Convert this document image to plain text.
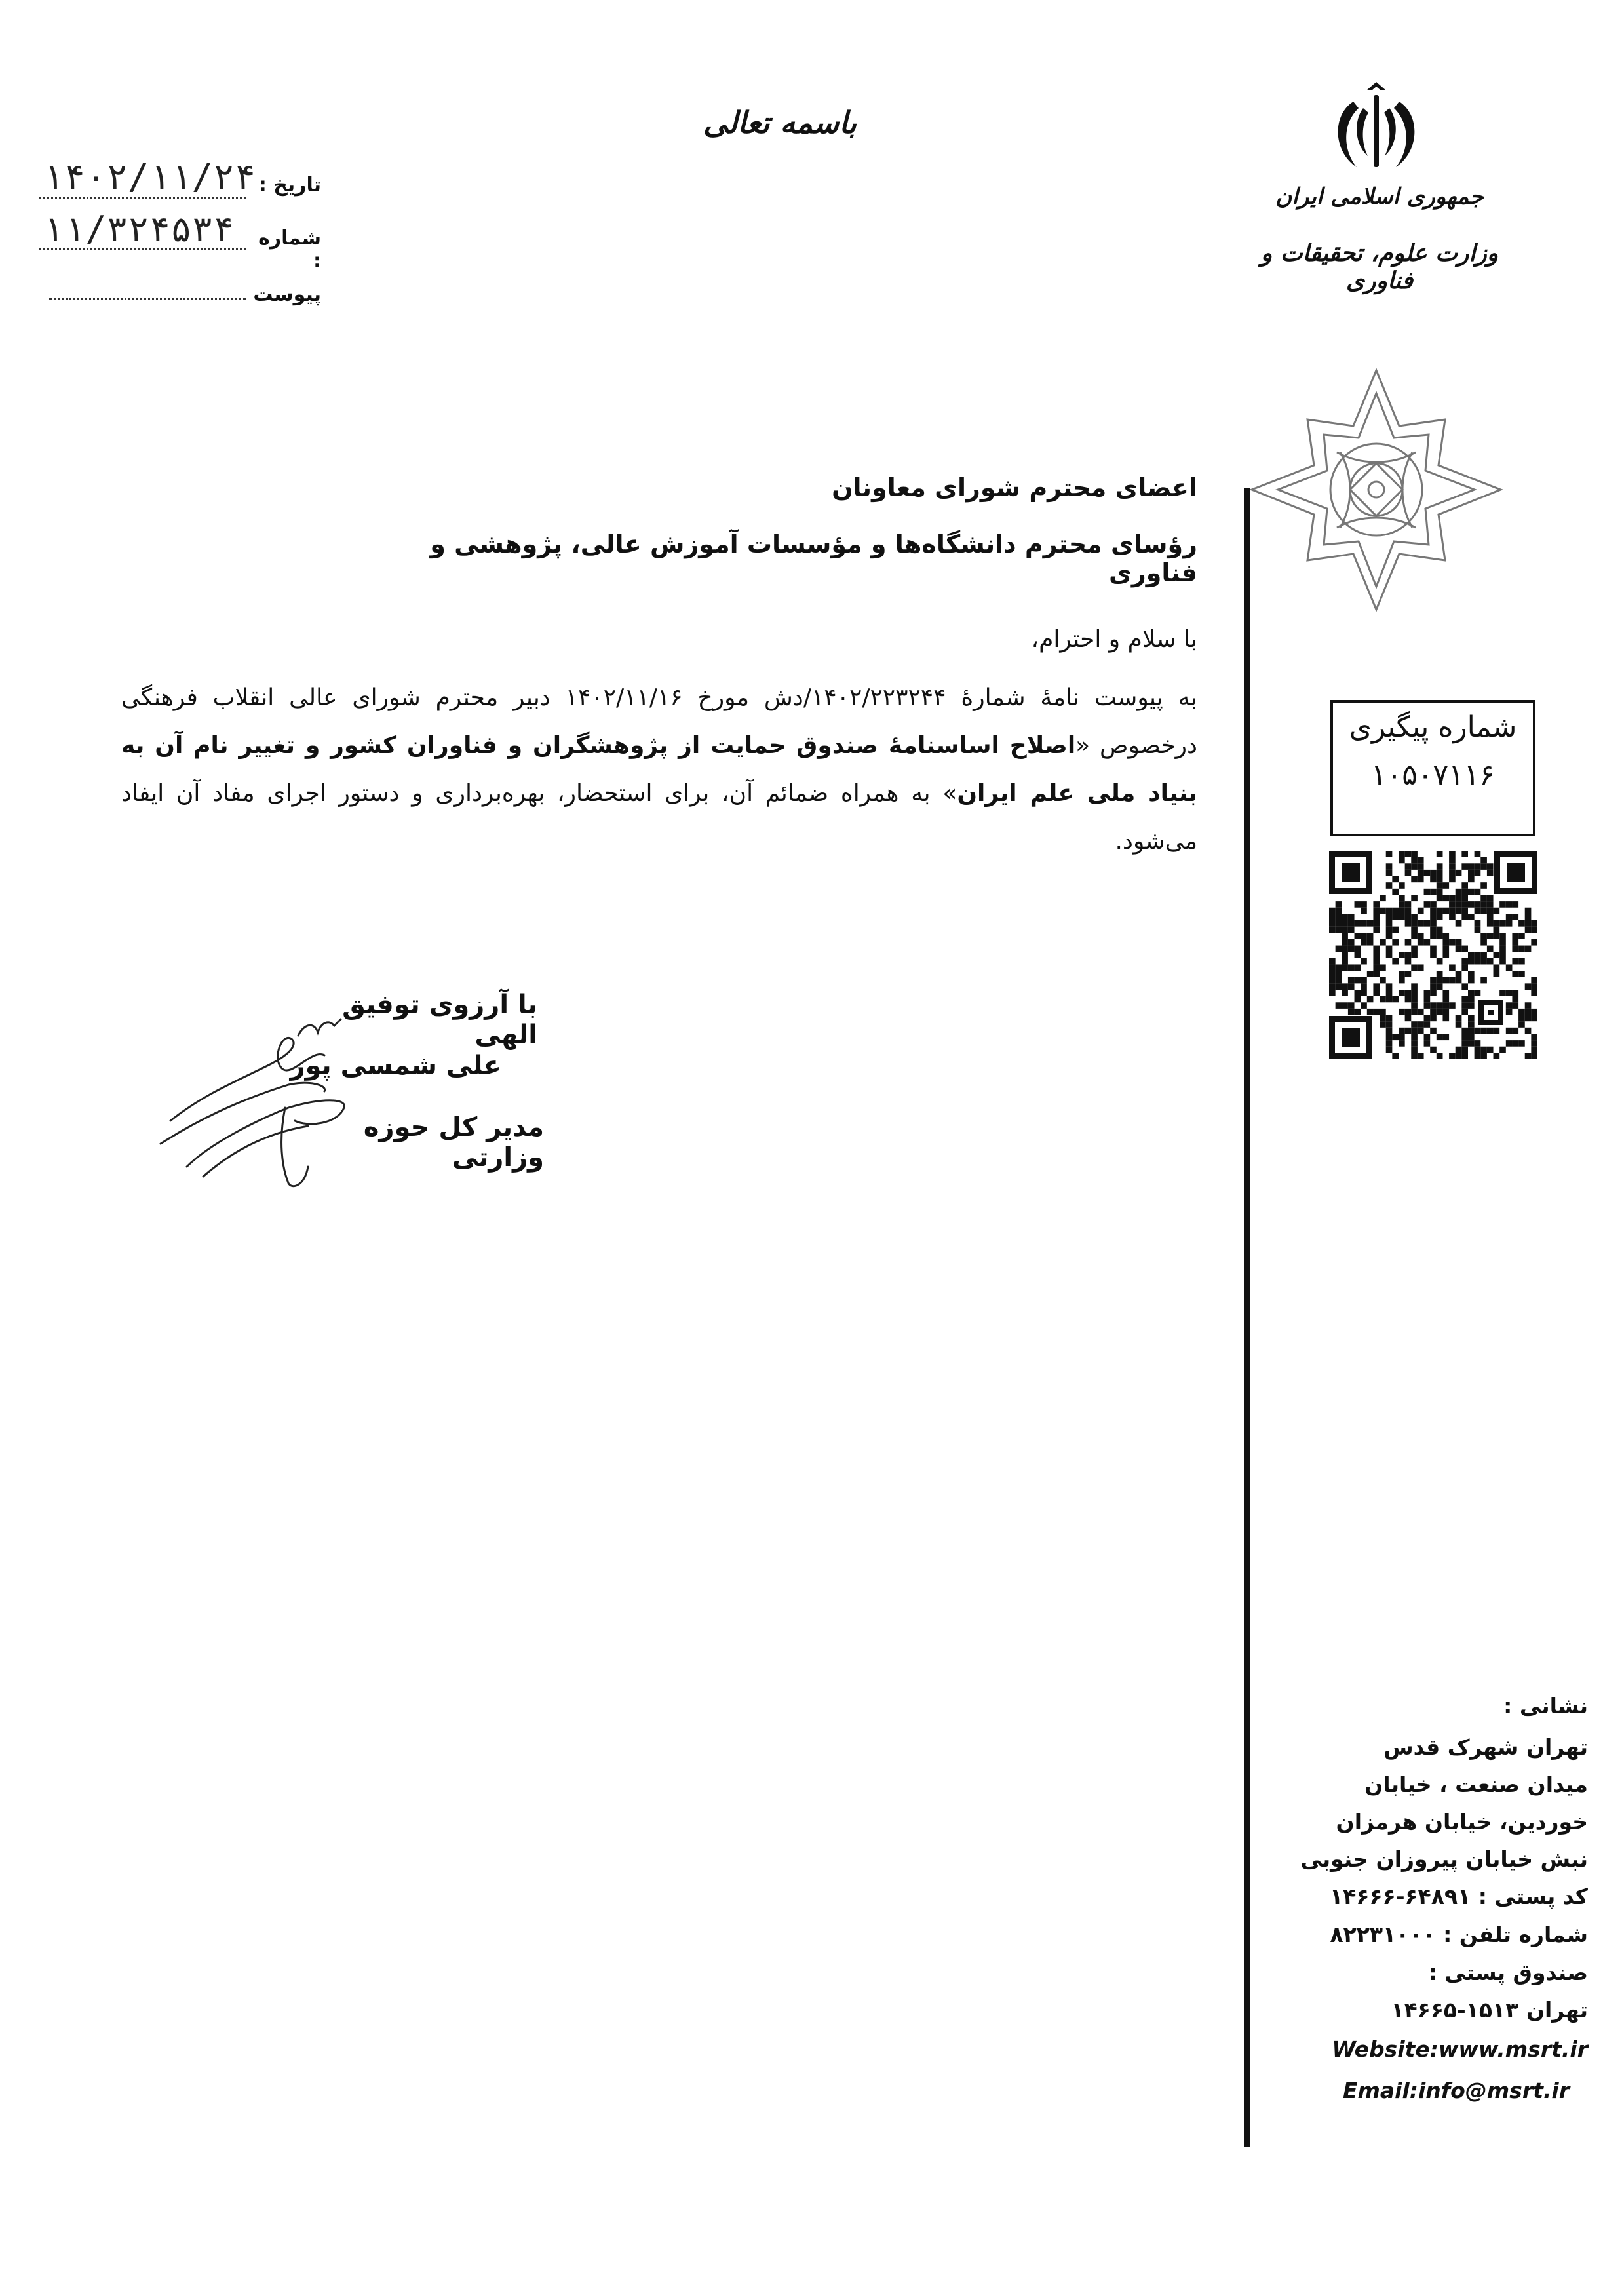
باسمه تعالی
۱۴۰۲/۱۱/۲۴ تاریخ :
۱۱/۳۲۴۵۳۴	شماره :
پیوست
جمهوری اسلامی ایران
وزارت علوم، تحقیقات و فناوری
شماره پیگیری
۱۰۵۰۷۱۱۶
اعضای محترم شورای معاونان
رؤسای محترم دانشگاه‌ها و مؤسسات آموزش عالی، پژوهشی و فناوری
با سلام و احترام،
به پیوست نامهٔ شمارهٔ ۱۴۰۲/۲۲۳۲۴۴/دش مورخ ۱۴۰۲/۱۱/۱۶ دبیر محترم شورای عالی انقلاب فرهنگی درخصوص «اصلاح اساسنامهٔ صندوق حمایت از پژوهشگران و فناوران کشور و تغییر نام آن به بنیاد ملی علم ایران» به همراه ضمائم آن، برای استحضار، بهره‌برداری و دستور اجرای مفاد آن ایفاد می‌شود.
با آرزوی توفیق الهی
علی شمسی پور
مدیر کل حوزه وزارتی
نشانی :
تهران شهرک قدس
میدان صنعت ، خیابان
خوردین، خیابان هرمزان
نبش خیابان پیروزان جنوبی
کد پستی : ۶۴۸۹۱-۱۴۶۶۶
شماره تلفن : ۸۲۲۳۱۰۰۰
صندوق پستی :
تهران ۱۵۱۳-۱۴۶۶۵
Website:www.msrt.ir
Email:info@msrt.ir
